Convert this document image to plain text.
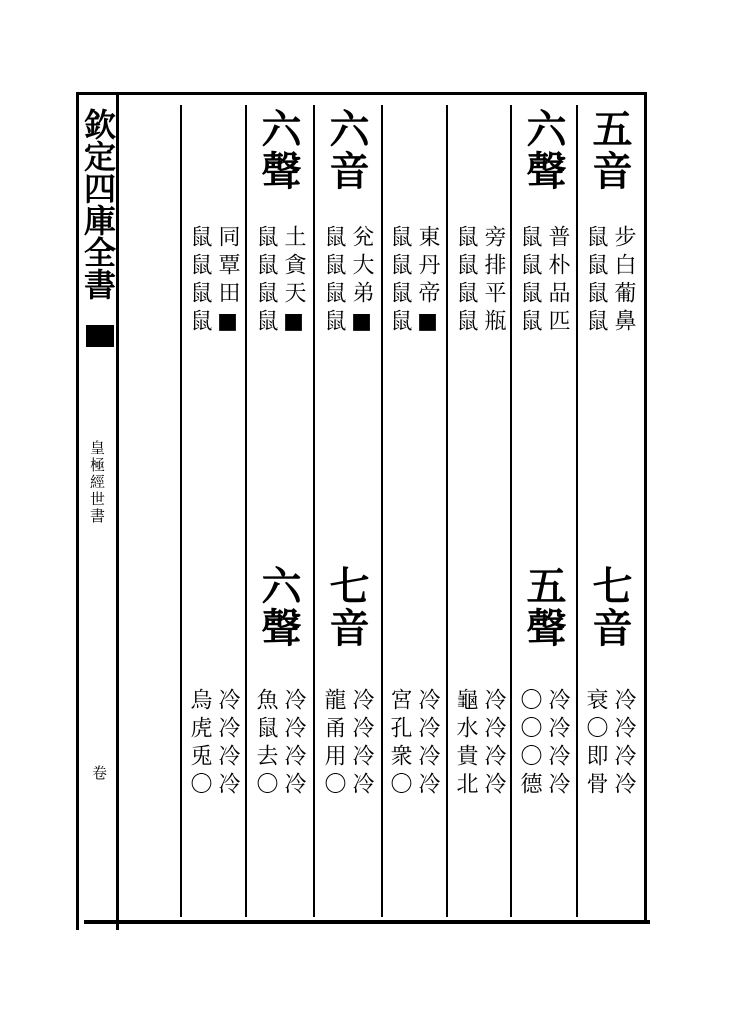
欽定四庫全書
皇極經世書
卷
五音
步白葡鼻
鼠鼠鼠鼠
七音
冷冷冷冷
衰〇即骨
六聲
普朴品匹
鼠鼠鼠鼠
五聲
冷冷冷冷
〇〇〇德
旁排平瓶
鼠鼠鼠鼠
冷冷冷冷
龜水貴北
東丹帝■
鼠鼠鼠鼠
冷冷冷冷
宮孔衆〇
六音
兊大弟■
鼠鼠鼠鼠
七音
冷冷冷冷
龍甬用〇
六聲
土貪天■
鼠鼠鼠鼠
六聲
冷冷冷冷
魚鼠去〇
同覃田■
鼠鼠鼠鼠
冷冷冷冷
烏虎兎〇
